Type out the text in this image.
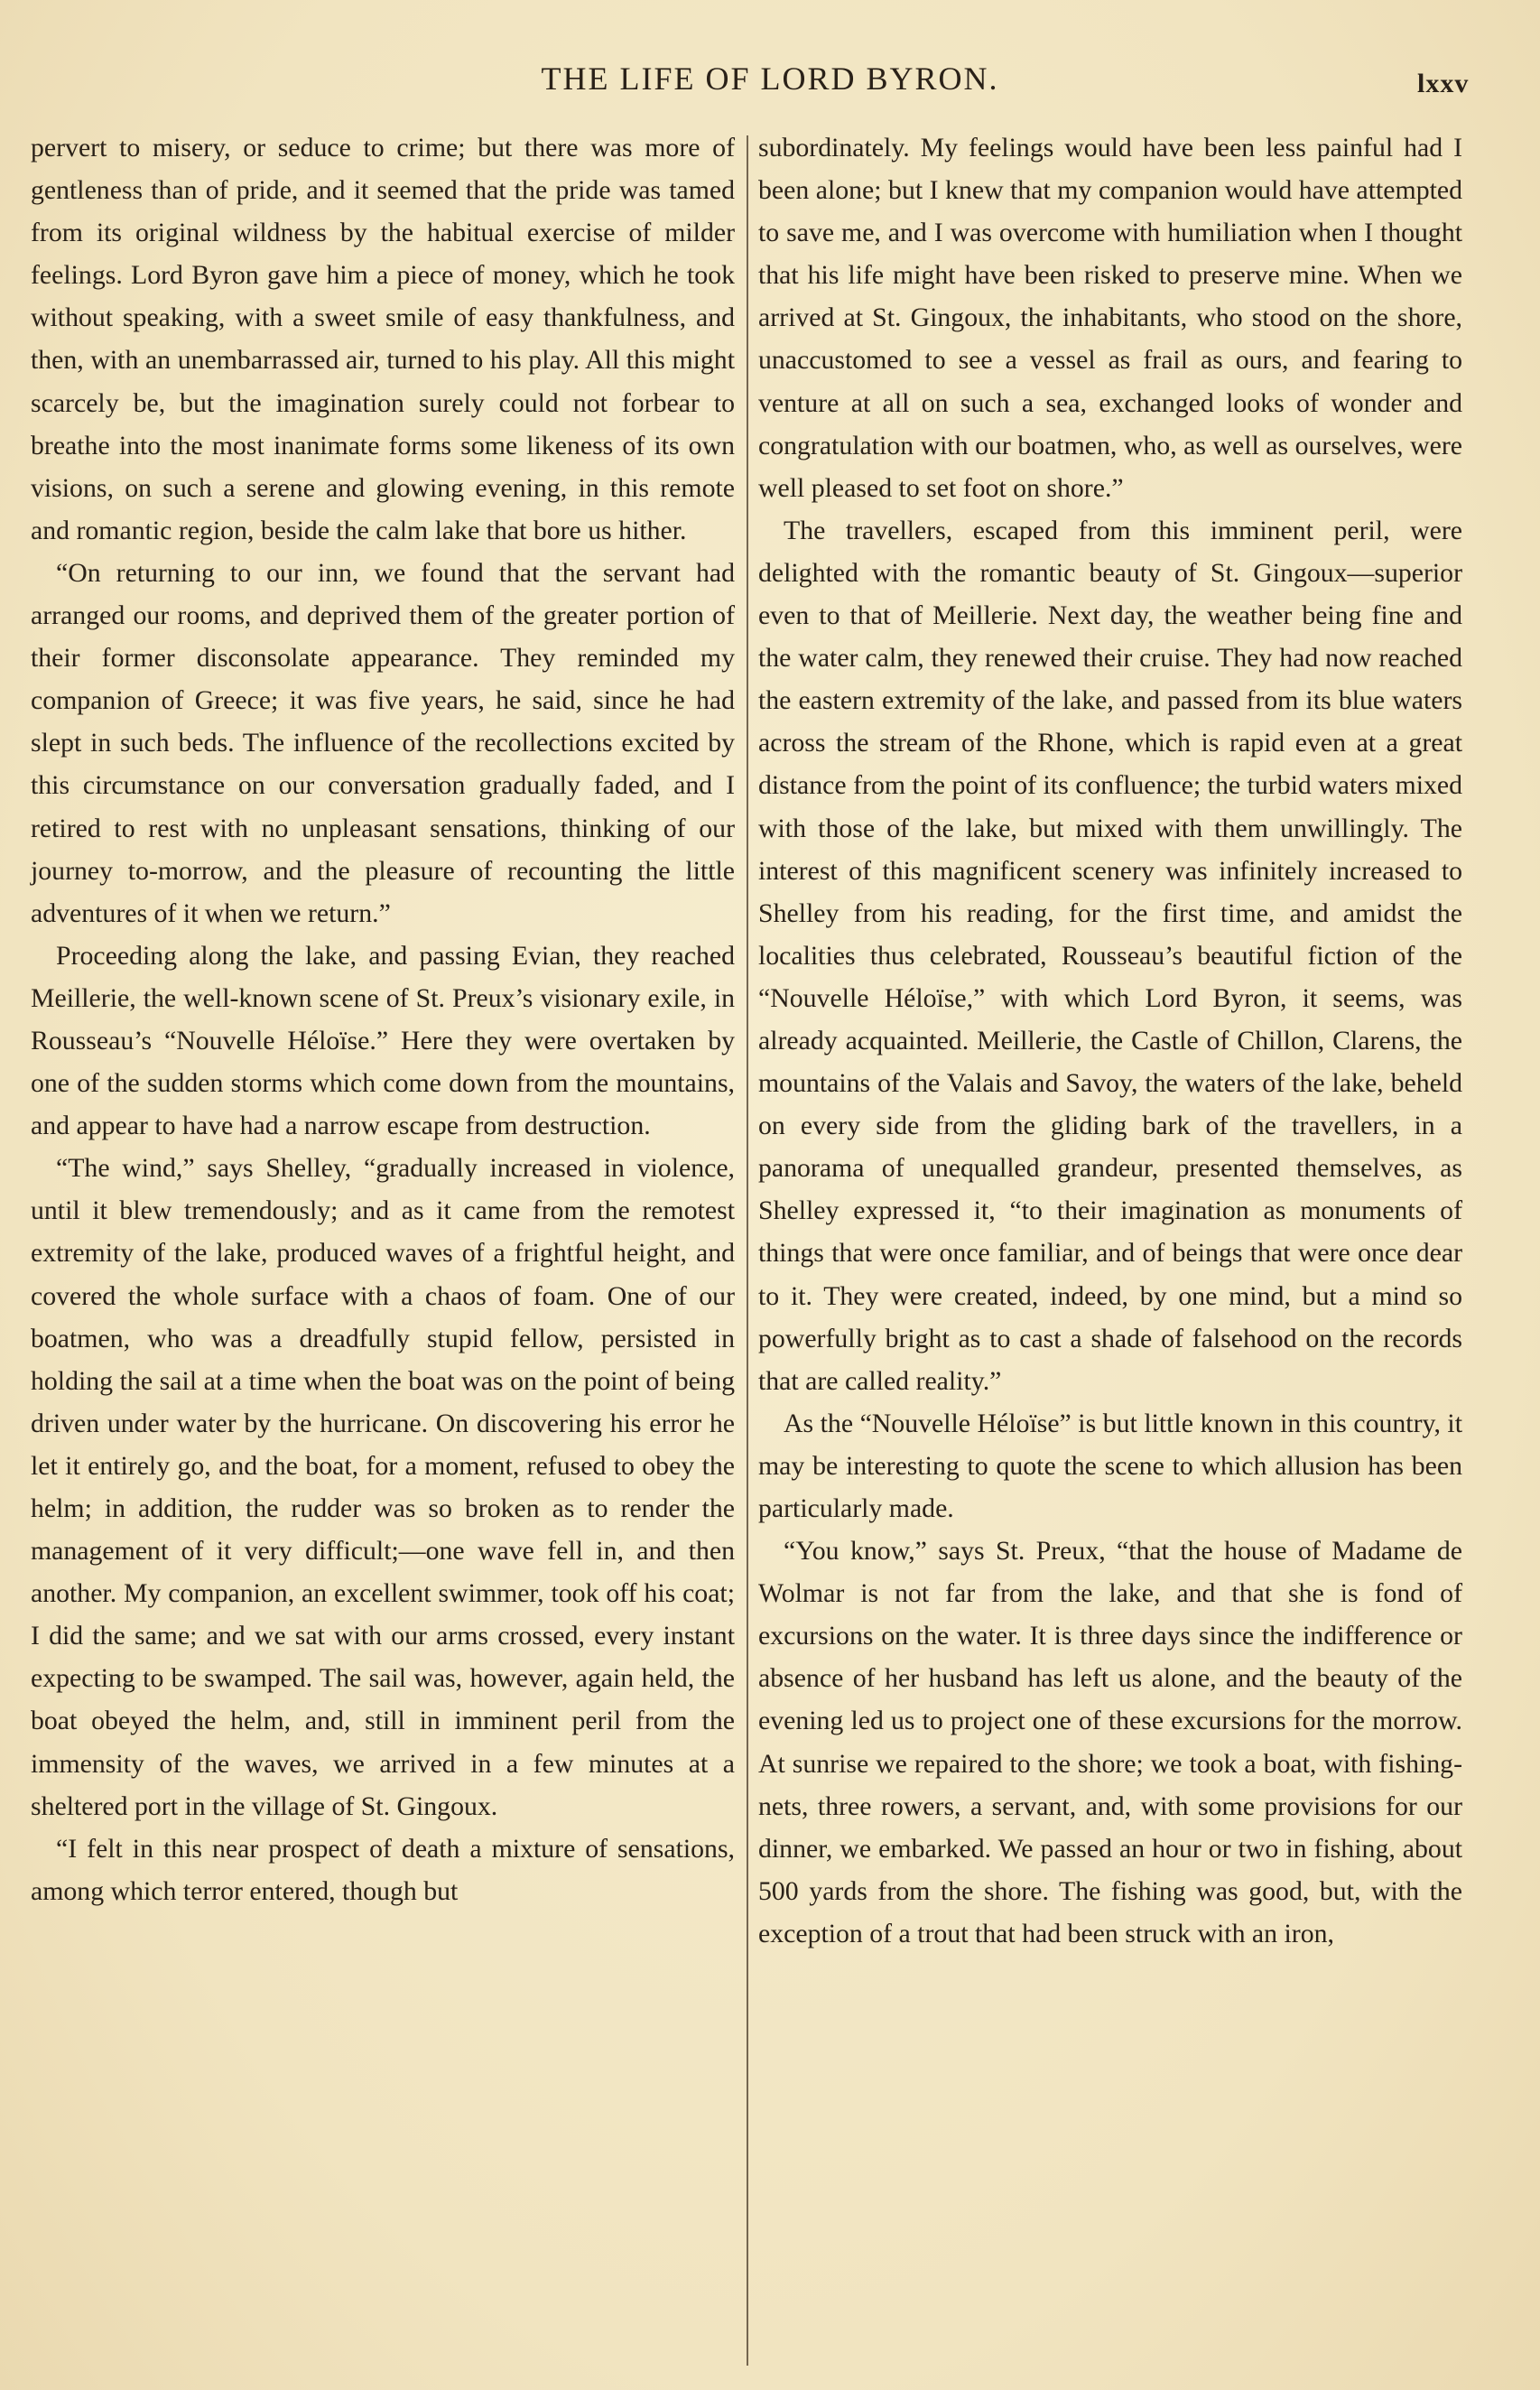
THE LIFE OF LORD BYRON.	lxxv

pervert to misery, or seduce to crime; but there was more of gentleness than of pride, and it seemed that the pride was tamed from its original wildness by the habitual exercise of milder feelings. Lord Byron gave him a piece of money, which he took without speaking, with a sweet smile of easy thankfulness, and then, with an unembarrassed air, turned to his play. All this might scarcely be, but the imagination surely could not forbear to breathe into the most inanimate forms some likeness of its own visions, on such a serene and glowing evening, in this remote and romantic region, beside the calm lake that bore us hither.

“On returning to our inn, we found that the servant had arranged our rooms, and deprived them of the greater portion of their former disconsolate appearance. They reminded my companion of Greece; it was five years, he said, since he had slept in such beds. The influence of the recollections excited by this circumstance on our conversation gradually faded, and I retired to rest with no unpleasant sensations, thinking of our journey to-morrow, and the pleasure of recounting the little adventures of it when we return.”

Proceeding along the lake, and passing Evian, they reached Meillerie, the well-known scene of St. Preux’s visionary exile, in Rousseau’s “Nouvelle Héloïse.” Here they were overtaken by one of the sudden storms which come down from the mountains, and appear to have had a narrow escape from destruction.

“The wind,” says Shelley, “gradually increased in violence, until it blew tremendously; and as it came from the remotest extremity of the lake, produced waves of a frightful height, and covered the whole surface with a chaos of foam. One of our boatmen, who was a dreadfully stupid fellow, persisted in holding the sail at a time when the boat was on the point of being driven under water by the hurricane. On discovering his error he let it entirely go, and the boat, for a moment, refused to obey the helm; in addition, the rudder was so broken as to render the management of it very difficult;—one wave fell in, and then another. My companion, an excellent swimmer, took off his coat; I did the same; and we sat with our arms crossed, every instant expecting to be swamped. The sail was, however, again held, the boat obeyed the helm, and, still in imminent peril from the immensity of the waves, we arrived in a few minutes at a sheltered port in the village of St. Gingoux.

“I felt in this near prospect of death a mixture of sensations, among which terror entered, though but

subordinately. My feelings would have been less painful had I been alone; but I knew that my companion would have attempted to save me, and I was overcome with humiliation when I thought that his life might have been risked to preserve mine. When we arrived at St. Gingoux, the inhabitants, who stood on the shore, unaccustomed to see a vessel as frail as ours, and fearing to venture at all on such a sea, exchanged looks of wonder and congratulation with our boatmen, who, as well as ourselves, were well pleased to set foot on shore.”

The travellers, escaped from this imminent peril, were delighted with the romantic beauty of St. Gingoux—superior even to that of Meillerie. Next day, the weather being fine and the water calm, they renewed their cruise. They had now reached the eastern extremity of the lake, and passed from its blue waters across the stream of the Rhone, which is rapid even at a great distance from the point of its confluence; the turbid waters mixed with those of the lake, but mixed with them unwillingly. The interest of this magnificent scenery was infinitely increased to Shelley from his reading, for the first time, and amidst the localities thus celebrated, Rousseau’s beautiful fiction of the “Nouvelle Héloïse,” with which Lord Byron, it seems, was already acquainted. Meillerie, the Castle of Chillon, Clarens, the mountains of the Valais and Savoy, the waters of the lake, beheld on every side from the gliding bark of the travellers, in a panorama of unequalled grandeur, presented themselves, as Shelley expressed it, “to their imagination as monuments of things that were once familiar, and of beings that were once dear to it. They were created, indeed, by one mind, but a mind so powerfully bright as to cast a shade of falsehood on the records that are called reality.”

As the “Nouvelle Héloïse” is but little known in this country, it may be interesting to quote the scene to which allusion has been particularly made.

“You know,” says St. Preux, “that the house of Madame de Wolmar is not far from the lake, and that she is fond of excursions on the water. It is three days since the indifference or absence of her husband has left us alone, and the beauty of the evening led us to project one of these excursions for the morrow. At sunrise we repaired to the shore; we took a boat, with fishing-nets, three rowers, a servant, and, with some provisions for our dinner, we embarked. We passed an hour or two in fishing, about 500 yards from the shore. The fishing was good, but, with the exception of a trout that had been struck with an iron,
